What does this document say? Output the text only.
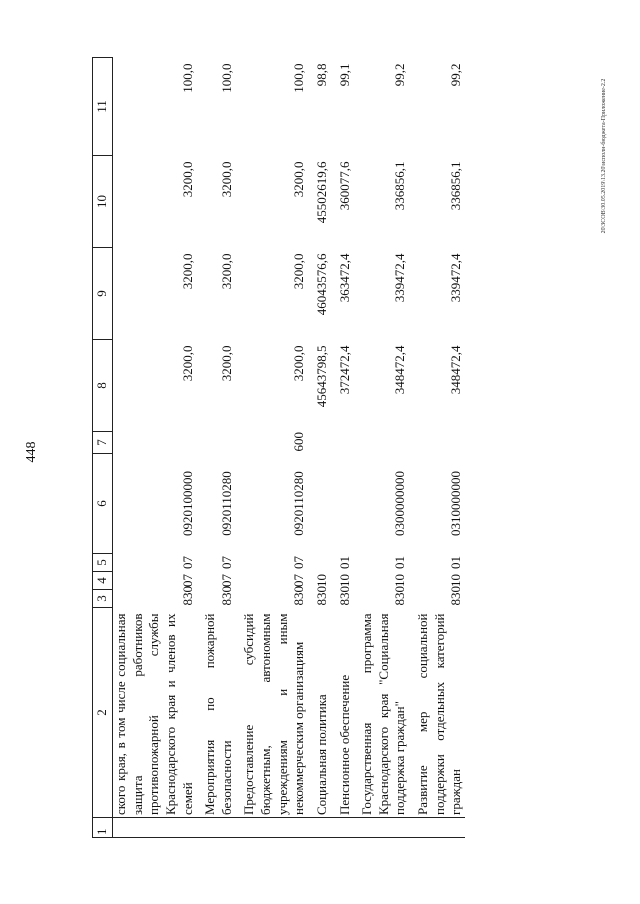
448
20\ЗСОВ\30.05.2019\13.20\исполн-бюджета-Приложение-2.2
1	2	3	4	5	6	7	8	9	10	11
	ского края, в том числе социальная защита работников противопожарной службы Краснодарского края и членов их семей	830	07	07	0920100000		3200,0	3200,0	3200,0	100,0

	Мероприятия по пожарной безопасности	830	07	07	0920110280		3200,0	3200,0	3200,0	100,0

	Предоставление субсидий бюджетным, автономным учреждениям и иным некоммерческим организациям	830	07	07	0920110280	600	3200,0	3200,0	3200,0	100,0

	Социальная политика	830	10				45643798,5	46043576,6	45502619,6	98,8

	Пенсионное обеспечение	830	10	01			372472,4	363472,4	360077,6	99,1

	Государственная программа Краснодарского края "Социальная поддержка граждан"	830	10	01	0300000000		348472,4	339472,4	336856,1	99,2

	Развитие мер социальной поддержки отдельных категорий граждан	830	10	01	0310000000		348472,4	339472,4	336856,1	99,2
